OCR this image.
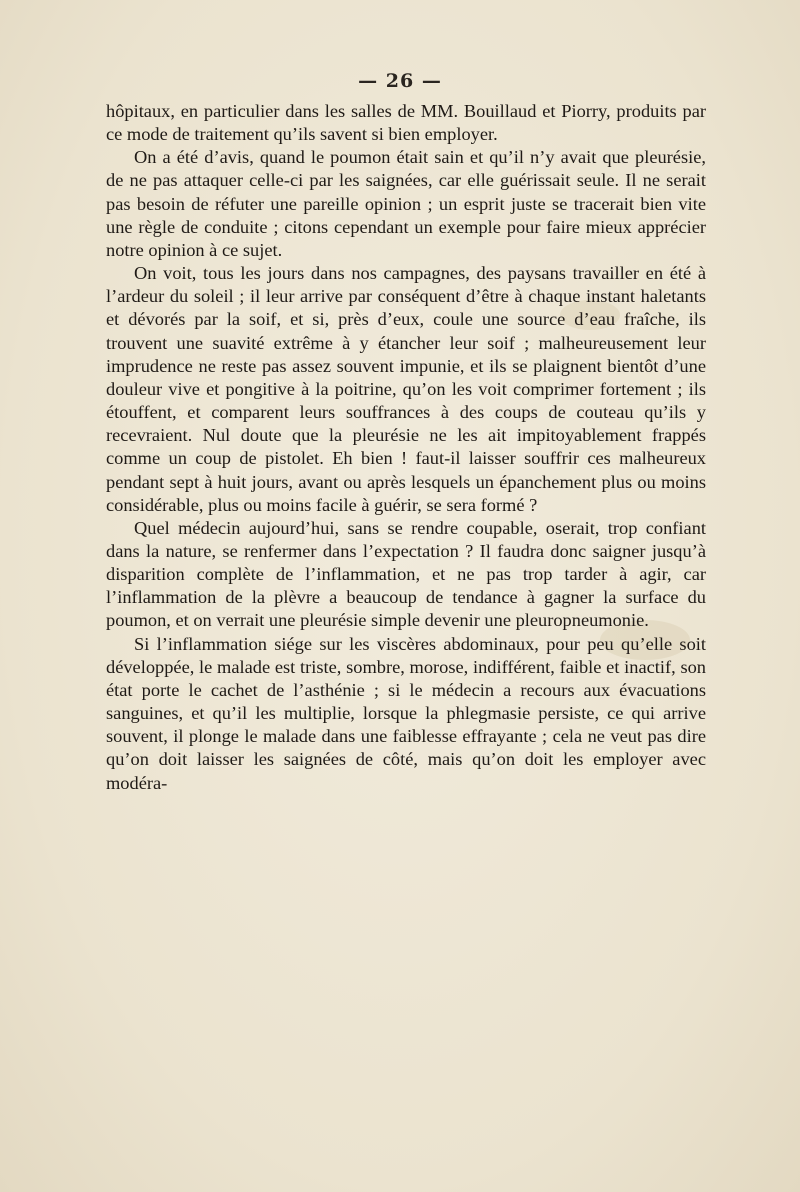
— 26 —

hôpitaux, en particulier dans les salles de MM. Bouillaud et Piorry, produits par ce mode de traitement qu’ils savent si bien employer.

On a été d’avis, quand le poumon était sain et qu’il n’y avait que pleurésie, de ne pas attaquer celle-ci par les saignées, car elle guérissait seule. Il ne serait pas besoin de réfuter une pareille opinion ; un esprit juste se tracerait bien vite une règle de conduite ; citons cependant un exemple pour faire mieux apprécier notre opinion à ce sujet.

On voit, tous les jours dans nos campagnes, des paysans travailler en été à l’ardeur du soleil ; il leur arrive par conséquent d’être à chaque instant haletants et dévorés par la soif, et si, près d’eux, coule une source d’eau fraîche, ils trouvent une suavité extrême à y étancher leur soif ; malheureusement leur imprudence ne reste pas assez souvent impunie, et ils se plaignent bientôt d’une douleur vive et pongitive à la poitrine, qu’on les voit comprimer fortement ; ils étouffent, et comparent leurs souffrances à des coups de couteau qu’ils y recevraient. Nul doute que la pleurésie ne les ait impitoyablement frappés comme un coup de pistolet. Eh bien ! faut-il laisser souffrir ces malheureux pendant sept à huit jours, avant ou après lesquels un épanchement plus ou moins considérable, plus ou moins facile à guérir, se sera formé ?

Quel médecin aujourd’hui, sans se rendre coupable, oserait, trop confiant dans la nature, se renfermer dans l’expectation ? Il faudra donc saigner jusqu’à disparition complète de l’inflammation, et ne pas trop tarder à agir, car l’inflammation de la plèvre a beaucoup de tendance à gagner la surface du poumon, et on verrait une pleurésie simple devenir une pleuropneumonie.

Si l’inflammation siége sur les viscères abdominaux, pour peu qu’elle soit développée, le malade est triste, sombre, morose, indifférent, faible et inactif, son état porte le cachet de l’asthénie ; si le médecin a recours aux évacuations sanguines, et qu’il les multiplie, lorsque la phlegmasie persiste, ce qui arrive souvent, il plonge le malade dans une faiblesse effrayante ; cela ne veut pas dire qu’on doit laisser les saignées de côté, mais qu’on doit les employer avec modéra-
